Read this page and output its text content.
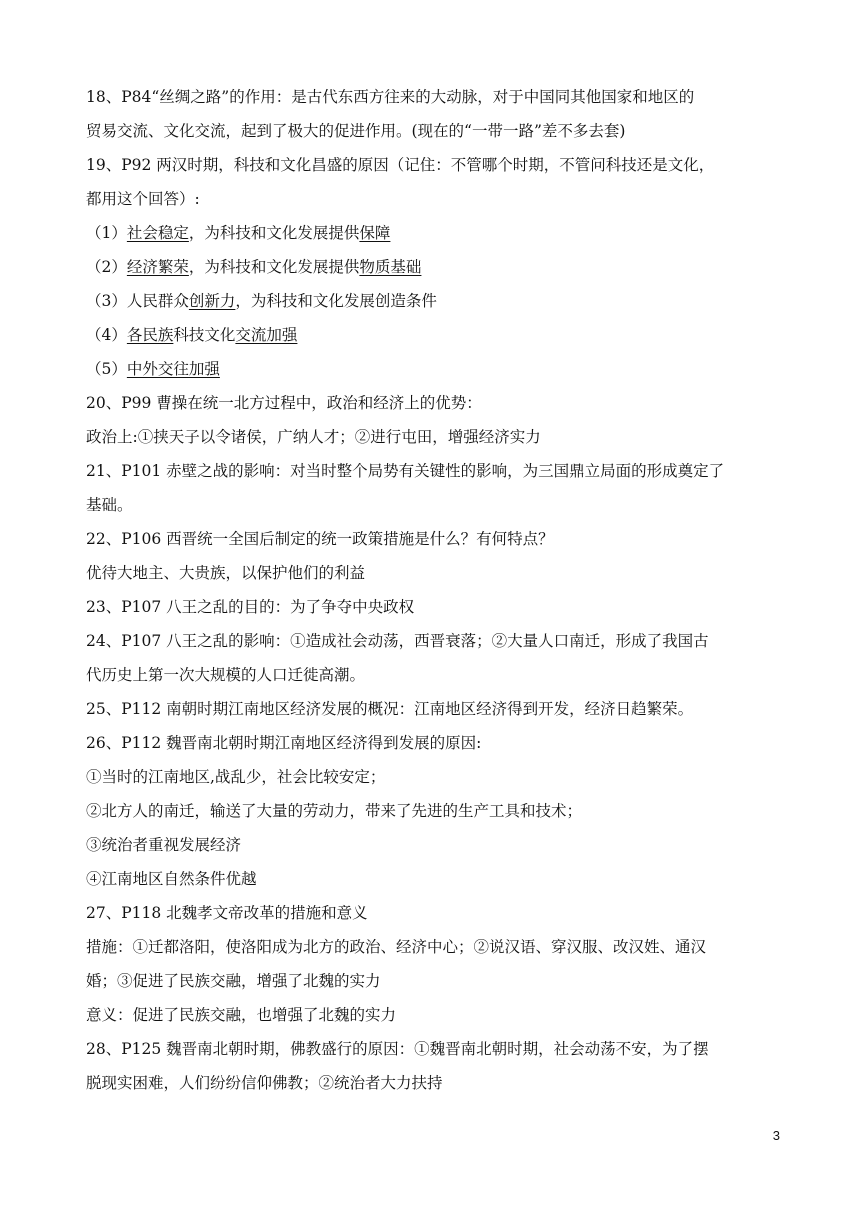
18、P84“丝绸之路”的作用：是古代东西方往来的大动脉，对于中国同其他国家和地区的
贸易交流、文化交流，起到了极大的促进作用。(现在的“一带一路”差不多去套)
19、P92 两汉时期，科技和文化昌盛的原因（记住：不管哪个时期，不管问科技还是文化，
都用这个回答）:
（1）社会稳定，为科技和文化发展提供保障
（2）经济繁荣，为科技和文化发展提供物质基础
（3）人民群众创新力，为科技和文化发展创造条件
（4）各民族科技文化交流加强
（5）中外交往加强
20、P99 曹操在统一北方过程中，政治和经济上的优势：
政治上:①挟天子以令诸侯，广纳人才；②进行屯田，增强经济实力
21、P101 赤壁之战的影响：对当时整个局势有关键性的影响，为三国鼎立局面的形成奠定了
基础。
22、P106 西晋统一全国后制定的统一政策措施是什么？有何特点？
优待大地主、大贵族，以保护他们的利益
23、P107 八王之乱的目的：为了争夺中央政权
24、P107 八王之乱的影响：①造成社会动荡，西晋衰落；②大量人口南迁，形成了我国古
代历史上第一次大规模的人口迁徙高潮。
25、P112 南朝时期江南地区经济发展的概况：江南地区经济得到开发，经济日趋繁荣。
26、P112 魏晋南北朝时期江南地区经济得到发展的原因:
①当时的江南地区,战乱少，社会比较安定；
②北方人的南迁，输送了大量的劳动力，带来了先进的生产工具和技术；
③统治者重视发展经济
④江南地区自然条件优越
27、P118 北魏孝文帝改革的措施和意义
措施：①迁都洛阳，使洛阳成为北方的政治、经济中心；②说汉语、穿汉服、改汉姓、通汉
婚；③促进了民族交融，增强了北魏的实力
意义：促进了民族交融，也增强了北魏的实力
28、P125 魏晋南北朝时期，佛教盛行的原因：①魏晋南北朝时期，社会动荡不安，为了摆
脱现实困难，人们纷纷信仰佛教；②统治者大力扶持
3
